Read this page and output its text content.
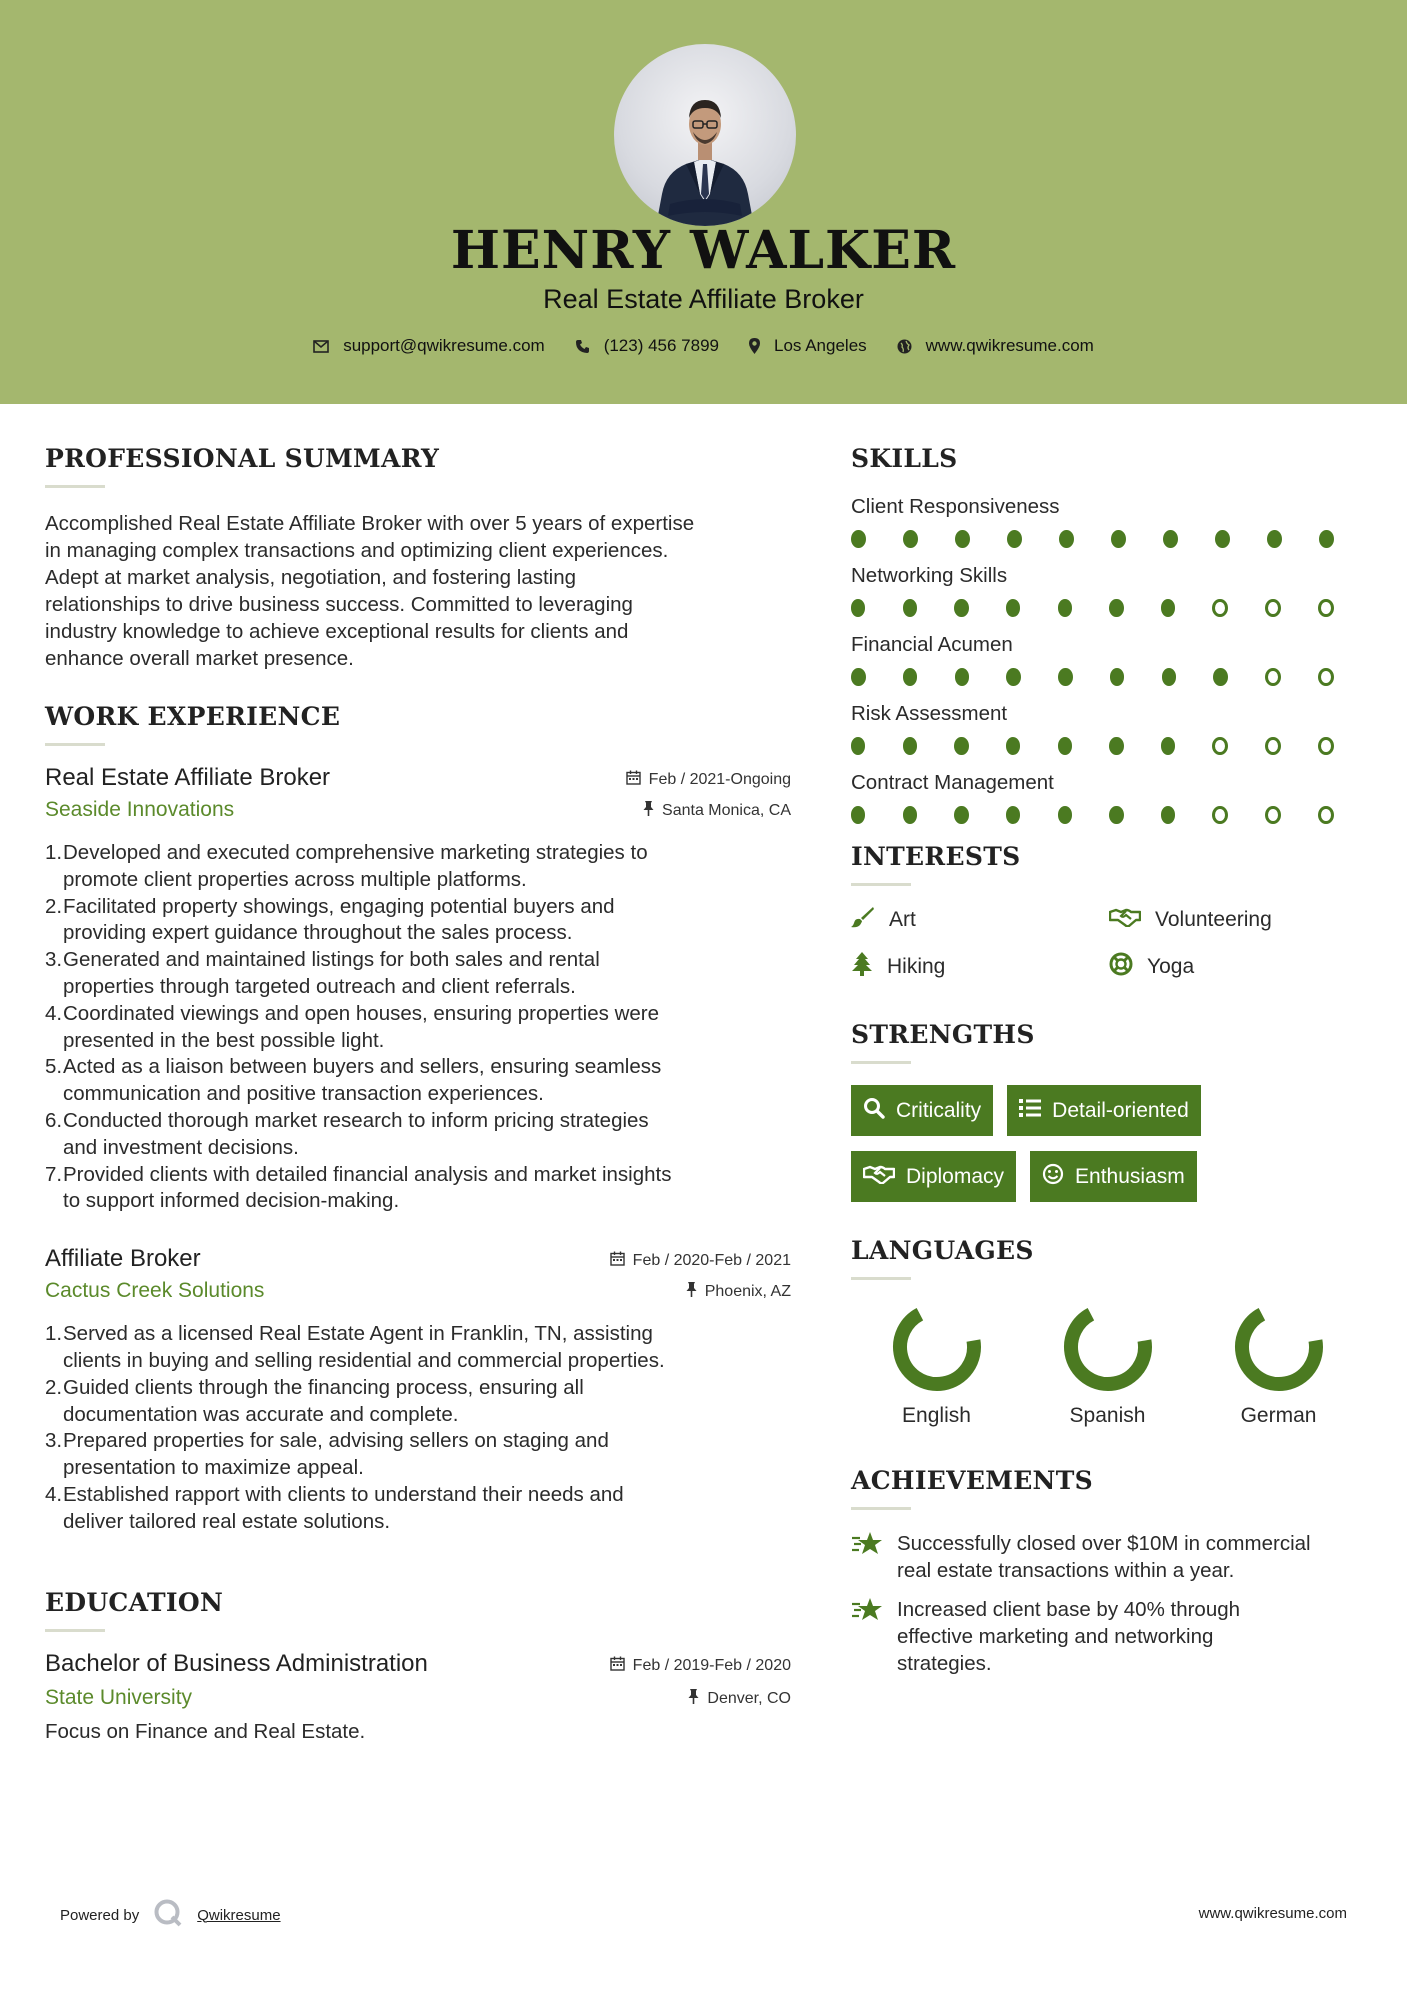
HENRY WALKER
Real Estate Affiliate Broker
support@qwikresume.com	(123) 456 7899	Los Angeles	www.qwikresume.com
PROFESSIONAL SUMMARY
Accomplished Real Estate Affiliate Broker with over 5 years of expertise
in managing complex transactions and optimizing client experiences.
Adept at market analysis, negotiation, and fostering lasting
relationships to drive business success. Committed to leveraging
industry knowledge to achieve exceptional results for clients and
enhance overall market presence.
WORK EXPERIENCE
Real Estate Affiliate Broker	Feb / 2021-Ongoing
Seaside Innovations	Santa Monica, CA
1. Developed and executed comprehensive marketing strategies to
promote client properties across multiple platforms.
2. Facilitated property showings, engaging potential buyers and
providing expert guidance throughout the sales process.
3. Generated and maintained listings for both sales and rental
properties through targeted outreach and client referrals.
4. Coordinated viewings and open houses, ensuring properties were
presented in the best possible light.
5. Acted as a liaison between buyers and sellers, ensuring seamless
communication and positive transaction experiences.
6. Conducted thorough market research to inform pricing strategies
and investment decisions.
7. Provided clients with detailed financial analysis and market insights
to support informed decision-making.
Affiliate Broker	Feb / 2020-Feb / 2021
Cactus Creek Solutions	Phoenix, AZ
1. Served as a licensed Real Estate Agent in Franklin, TN, assisting
clients in buying and selling residential and commercial properties.
2. Guided clients through the financing process, ensuring all
documentation was accurate and complete.
3. Prepared properties for sale, advising sellers on staging and
presentation to maximize appeal.
4. Established rapport with clients to understand their needs and
deliver tailored real estate solutions.
EDUCATION
Bachelor of Business Administration	Feb / 2019-Feb / 2020
State University	Denver, CO
Focus on Finance and Real Estate.
SKILLS
Client Responsiveness
Networking Skills
Financial Acumen
Risk Assessment
Contract Management
INTERESTS
Art	Volunteering
Hiking	Yoga
STRENGTHS
Criticality	Detail-oriented
Diplomacy	Enthusiasm
LANGUAGES
English	Spanish	German
ACHIEVEMENTS
Successfully closed over $10M in commercial
real estate transactions within a year.
Increased client base by 40% through
effective marketing and networking
strategies.
Powered by	Qwikresume	www.qwikresume.com
